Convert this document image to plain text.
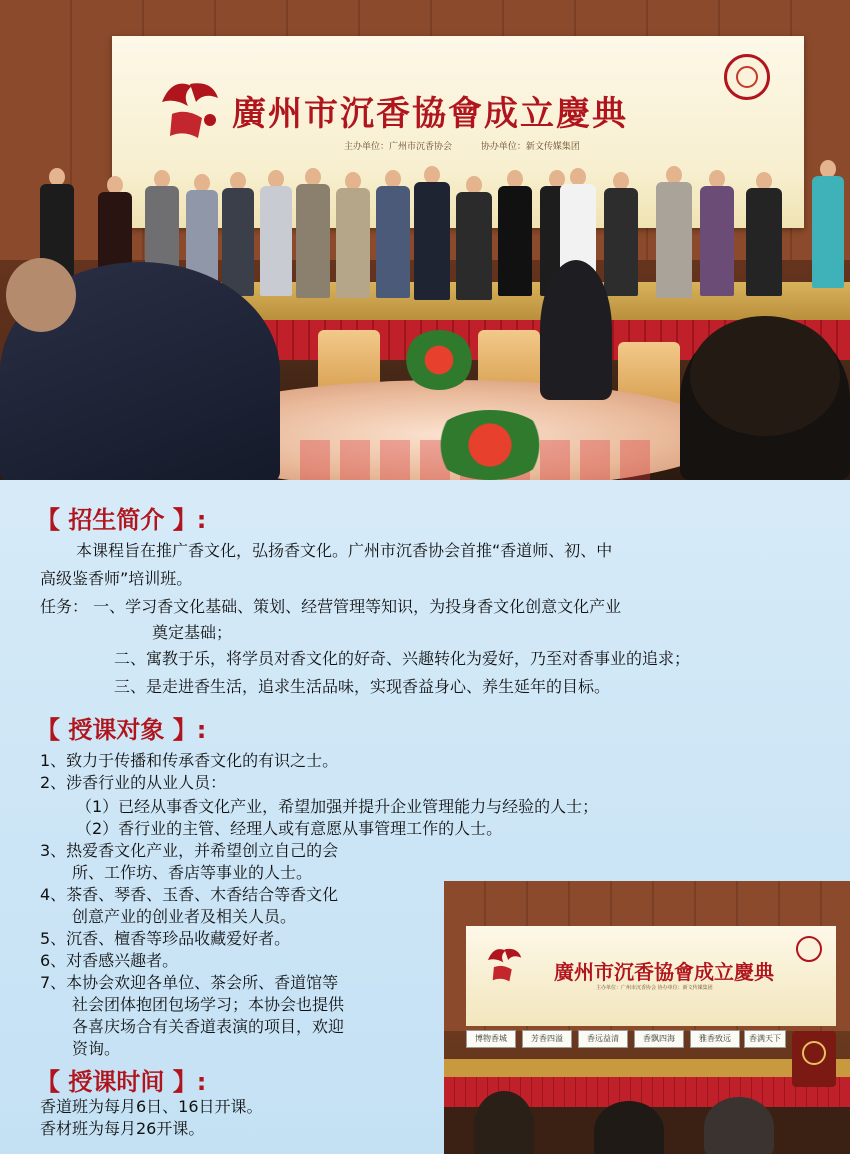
廣州市沉香協會成立慶典
主办单位：广州市沉香协会	协办单位：新文传媒集团
【 招生简介 】:
本课程旨在推广香文化，弘扬香文化。广州市沉香协会首推“香道师、初、中
高级鉴香师”培训班。
任务： 一、学习香文化基础、策划、经营管理等知识，为投身香文化创意文化产业
奠定基础；
二、寓教于乐，将学员对香文化的好奇、兴趣转化为爱好，乃至对香事业的追求；
三、是走进香生活，追求生活品味，实现香益身心、养生延年的目标。
【 授课对象 】:
1、致力于传播和传承香文化的有识之士。
2、涉香行业的从业人员：
（1）已经从事香文化产业，希望加强并提升企业管理能力与经验的人士；
（2）香行业的主管、经理人或有意愿从事管理工作的人士。
3、热爱香文化产业，并希望创立自己的会
所、工作坊、香店等事业的人士。
4、茶香、琴香、玉香、木香结合等香文化
创意产业的创业者及相关人员。
5、沉香、檀香等珍品收藏爱好者。
6、对香感兴趣者。
7、本协会欢迎各单位、茶会所、香道馆等
社会团体抱团包场学习；本协会也提供
各喜庆场合有关香道表演的项目，欢迎
资询。
【 授课时间 】:
香道班为每月6日、16日开课。
香材班为每月26开课。
廣州市沉香協會成立慶典
主办单位：广州市沉香协会 协办单位：新文传媒集团
博物香城	芳香四溢	香远益清	香飘四海	雅香致远	香满天下
